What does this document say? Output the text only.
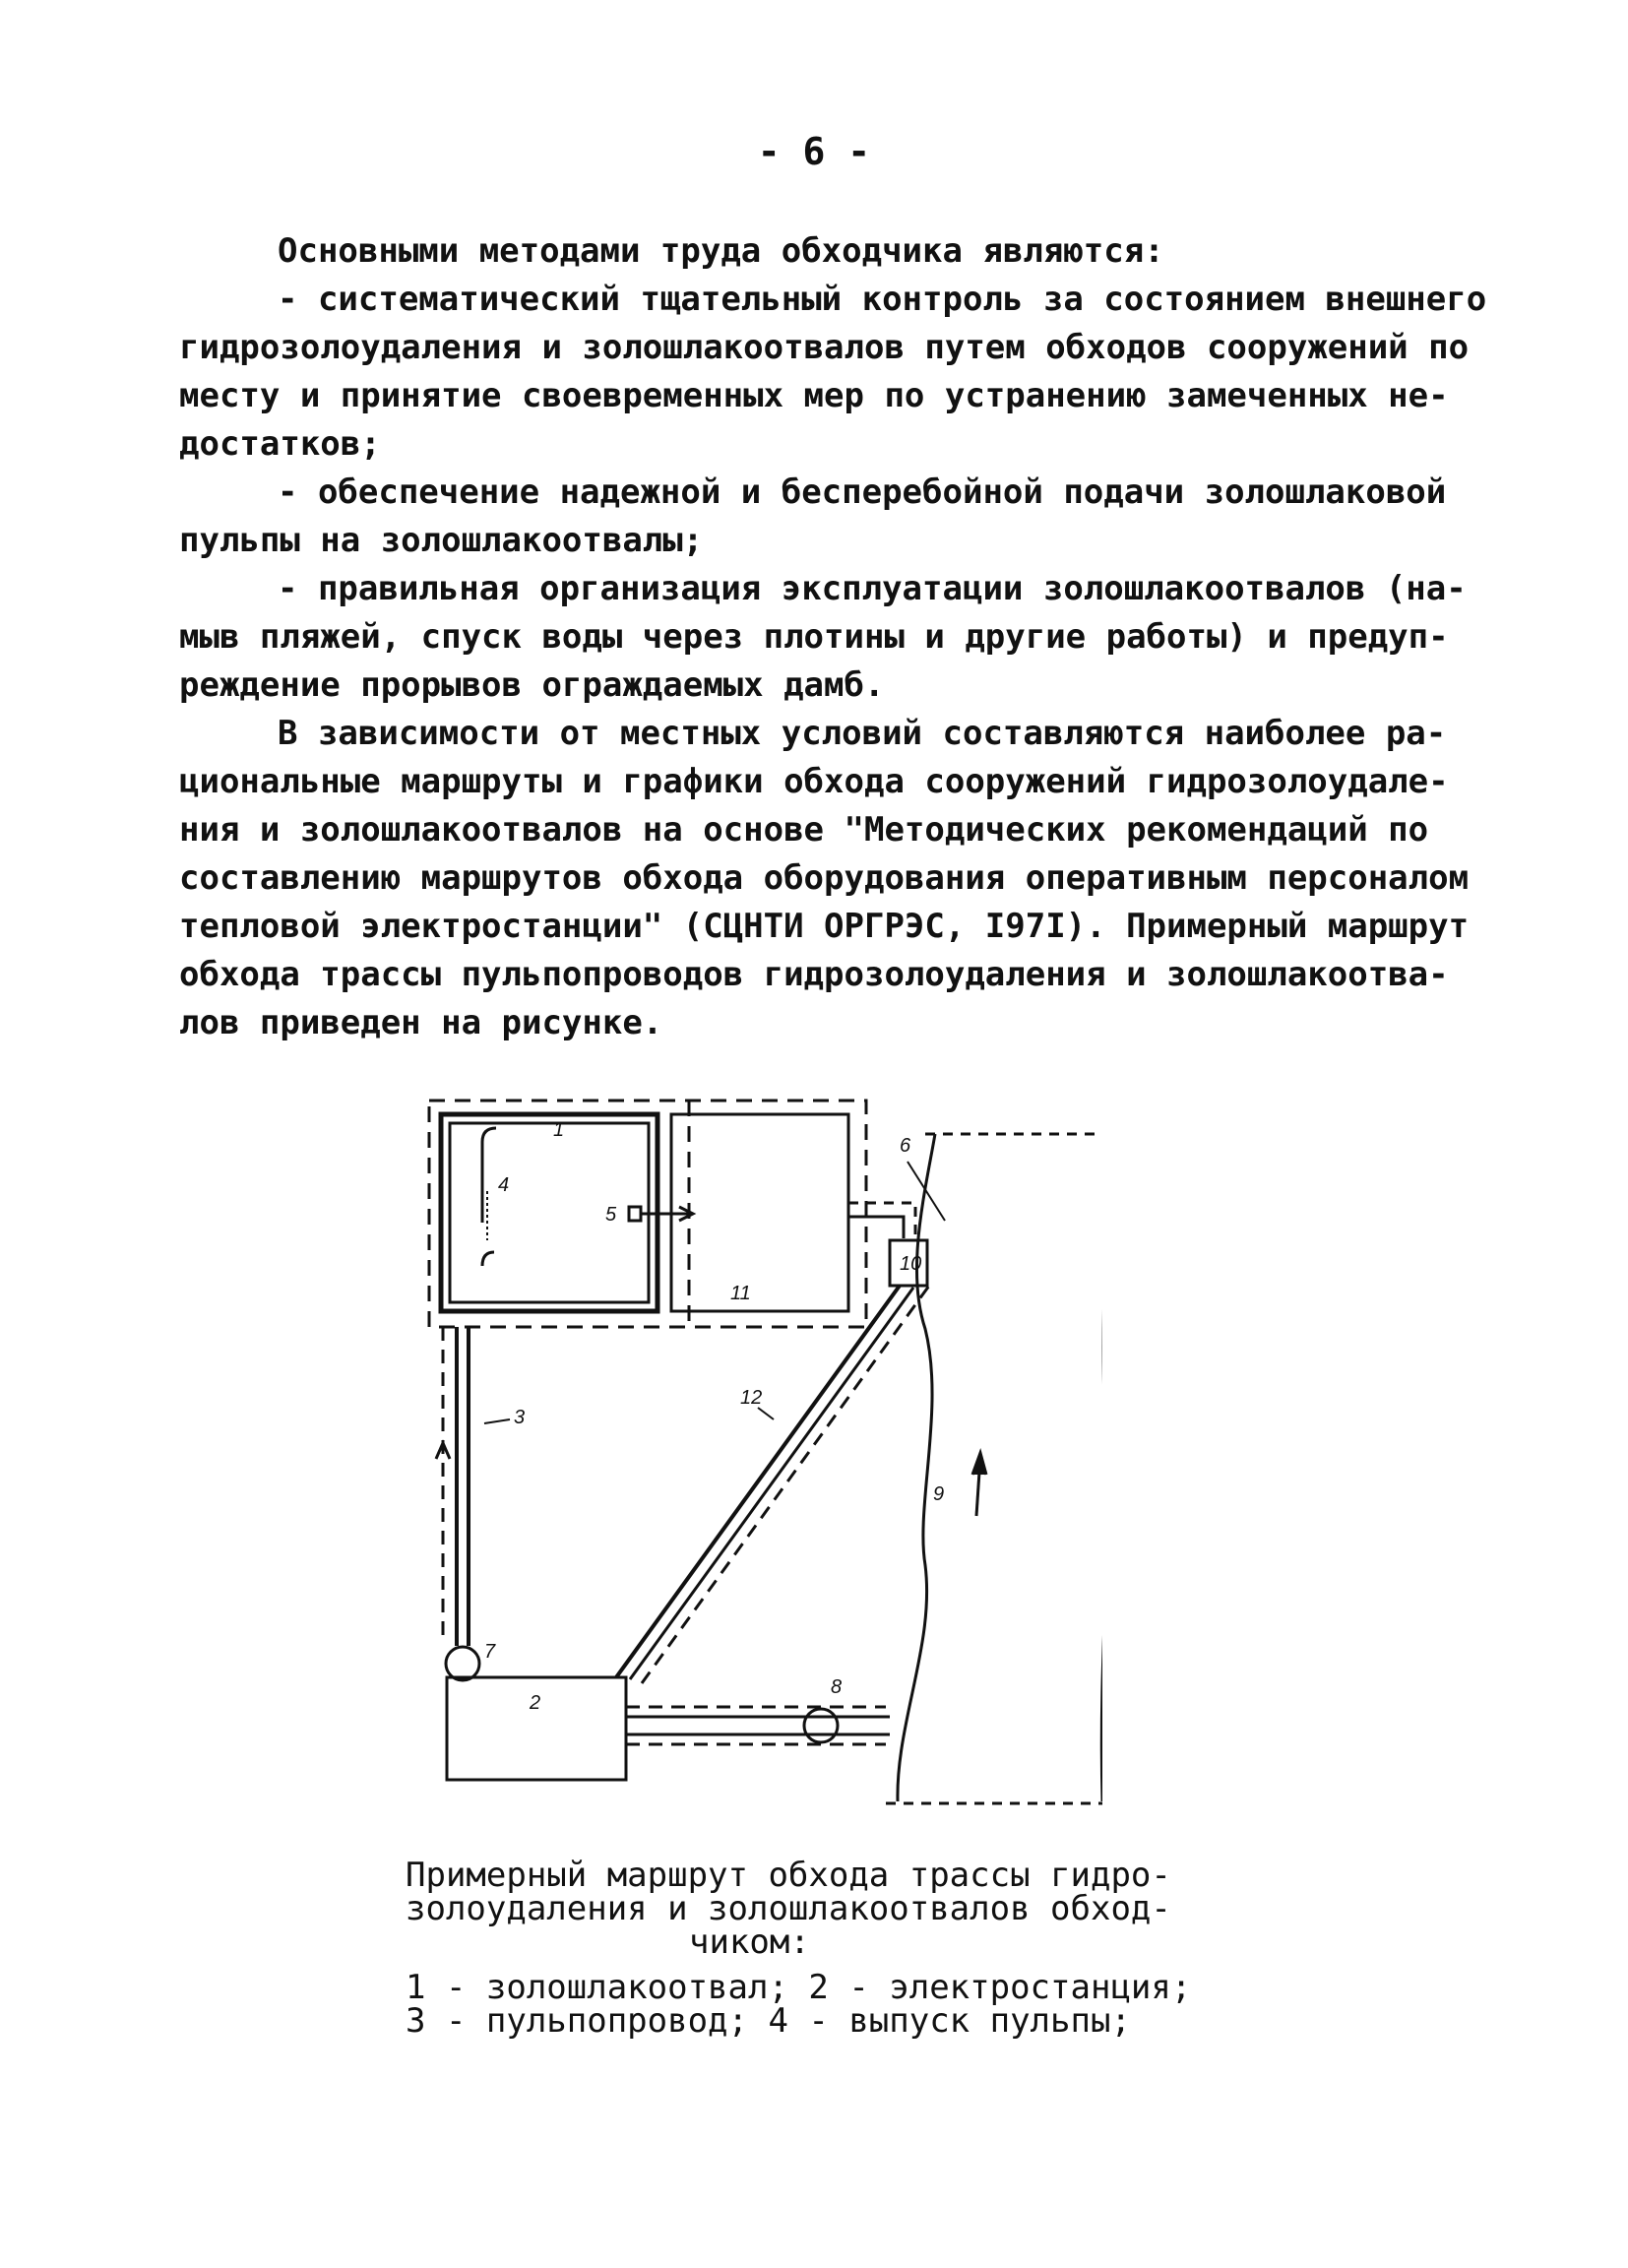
- 6 -
Основными методами труда обходчика являются:
- систематический тщательный контроль за состоянием внешнего
гидрозолоудаления и золошлакоотвалов путем обходов сооружений по
месту и принятие своевременных мер по устранению замеченных не-
достатков;
- обеспечение надежной и бесперебойной подачи золошлаковой
пульпы на золошлакоотвалы;
- правильная организация эксплуатации золошлакоотвалов (на-
мыв пляжей, спуск воды через плотины и другие работы) и предуп-
реждение прорывов ограждаемых дамб.
В зависимости от местных условий составляются наиболее ра-
циональные маршруты и графики обхода сооружений гидрозолоудале-
ния и золошлакоотвалов на основе "Методических рекомендаций по
составлению маршрутов обхода оборудования оперативным персоналом
тепловой электростанции" (СЦНТИ ОРГРЭС, I97I). Примерный маршрут
обхода трассы пульпопроводов гидрозолоудаления и золошлакоотва-
лов приведен на рисунке.
1
4
5
11
6
10
3
12
9
7
2
8
Примерный маршрут обхода трассы гидро-
золоудаления и золошлакоотвалов обход-
чиком:
1 - золошлакоотвал; 2 - электростанция;
3 - пульпопровод; 4 - выпуск пульпы;
